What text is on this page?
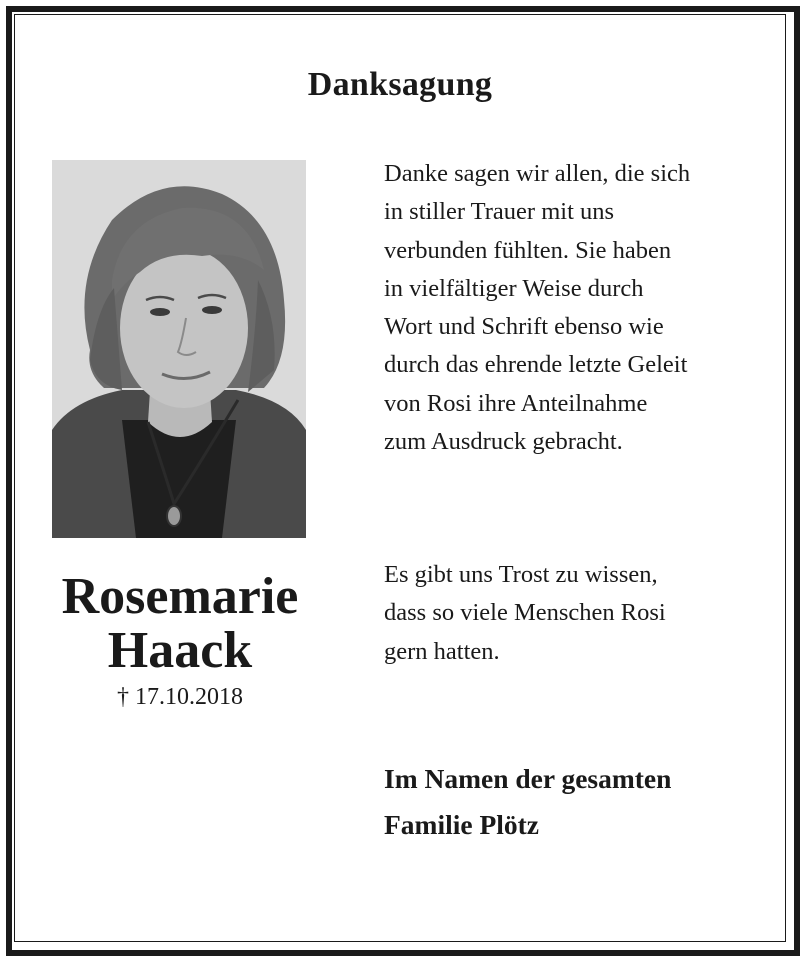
Danksagung
Rosemarie
Haack
† 17.10.2018
Danke sagen wir allen, die sich
in stiller Trauer mit uns
verbunden fühlten. Sie haben
in vielfältiger Weise durch
Wort und Schrift ebenso wie
durch das ehrende letzte Geleit
von Rosi ihre Anteilnahme
zum Ausdruck gebracht.
Es gibt uns Trost zu wissen,
dass so viele Menschen Rosi
gern hatten.
Im Namen der gesamten
Familie Plötz
